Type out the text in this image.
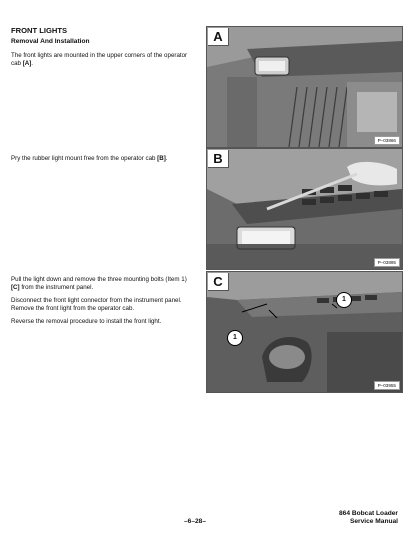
FRONT LIGHTS
Removal And Installation
The front lights are mounted in the upper corners of the operator cab [A].
Pry the rubber light mount free from the operator cab [B].
Pull the light down and remove the three mounting bolts (Item 1) [C] from the instrument panel.
Disconnect the front light connector from the instrument panel. Remove the front light from the operator cab.
Reverse the removal procedure to install the front light.
A
P–03866
B
P–03895
C
1
1
P–03955
864 Bobcat Loader
Service Manual
–6–28–
